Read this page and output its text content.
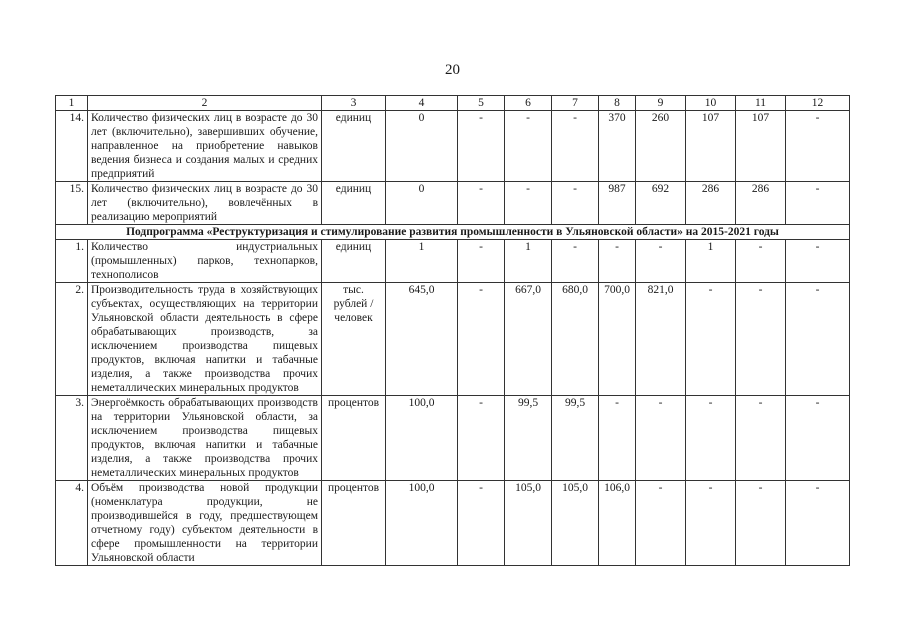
20
1	2	3	4	5	6	7	8	9	10	11	12
14.	Количество физических лиц в возрасте до 30 лет (включительно), завершивших обучение, направленное на приобретение навыков ведения бизнеса и создания малых и средних предприятий	единиц	0	-	-	-	370	260	107	107	-
15.	Количество физических лиц в возрасте до 30 лет (включительно), вовлечённых в реализацию мероприятий	единиц	0	-	-	-	987	692	286	286	-
Подпрограмма «Реструктуризация и стимулирование развития промышленности в Ульяновской области» на 2015-2021 годы											
1.	Количество индустриальных (промышленных) парков, технопарков, технополисов	единиц	1	-	1	-	-	-	1	-	-
2.	Производительность труда в хозяйствующих субъектах, осуществляющих на территории Ульяновской области деятельность в сфере обрабатывающих производств, за исключением производства пищевых продуктов, включая напитки и табачные изделия, а также производства прочих неметаллических минеральных продуктов	тыс. рублей / человек	645,0	-	667,0	680,0	700,0	821,0	-	-	-
3.	Энергоёмкость обрабатывающих производств на территории Ульяновской области, за исключением производства пищевых продуктов, включая напитки и табачные изделия, а также производства прочих неметаллических минеральных продуктов	процентов	100,0	-	99,5	99,5	-	-	-	-	-
4.	Объём производства новой продукции (номенклатура продукции, не производившейся в году, предшествующем отчетному году) субъектом деятельности в сфере промышленности на территории Ульяновской области	процентов	100,0	-	105,0	105,0	106,0	-	-	-	-
